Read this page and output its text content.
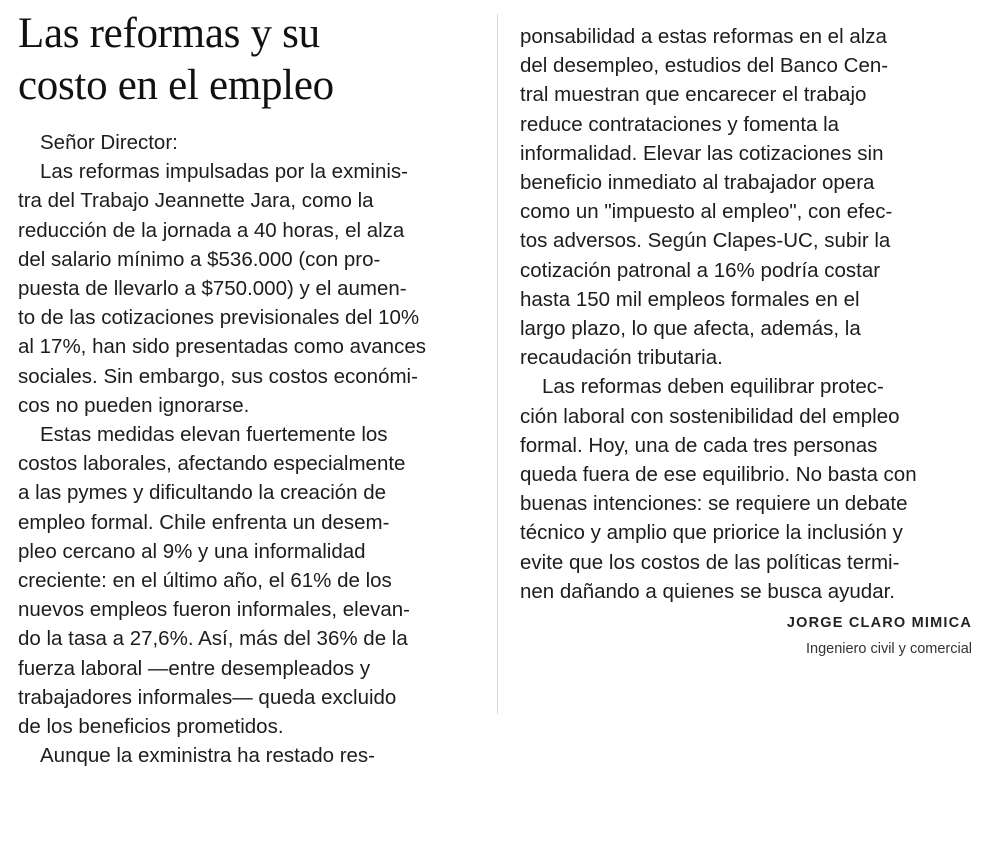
Las reformas y su
costo en el empleo
Señor Director:
Las reformas impulsadas por la exminis-
tra del Trabajo Jeannette Jara, como la
reducción de la jornada a 40 horas, el alza
del salario mínimo a $536.000 (con pro-
puesta de llevarlo a $750.000) y el aumen-
to de las cotizaciones previsionales del 10%
al 17%, han sido presentadas como avances
sociales. Sin embargo, sus costos económi-
cos no pueden ignorarse.
Estas medidas elevan fuertemente los
costos laborales, afectando especialmente
a las pymes y dificultando la creación de
empleo formal. Chile enfrenta un desem-
pleo cercano al 9% y una informalidad
creciente: en el último año, el 61% de los
nuevos empleos fueron informales, elevan-
do la tasa a 27,6%. Así, más del 36% de la
fuerza laboral —entre desempleados y
trabajadores informales— queda excluido
de los beneficios prometidos.
Aunque la exministra ha restado res-
ponsabilidad a estas reformas en el alza
del desempleo, estudios del Banco Cen-
tral muestran que encarecer el trabajo
reduce contrataciones y fomenta la
informalidad. Elevar las cotizaciones sin
beneficio inmediato al trabajador opera
como un "impuesto al empleo", con efec-
tos adversos. Según Clapes-UC, subir la
cotización patronal a 16% podría costar
hasta 150 mil empleos formales en el
largo plazo, lo que afecta, además, la
recaudación tributaria.
Las reformas deben equilibrar protec-
ción laboral con sostenibilidad del empleo
formal. Hoy, una de cada tres personas
queda fuera de ese equilibrio. No basta con
buenas intenciones: se requiere un debate
técnico y amplio que priorice la inclusión y
evite que los costos de las políticas termi-
nen dañando a quienes se busca ayudar.
JORGE CLARO MIMICA
Ingeniero civil y comercial
